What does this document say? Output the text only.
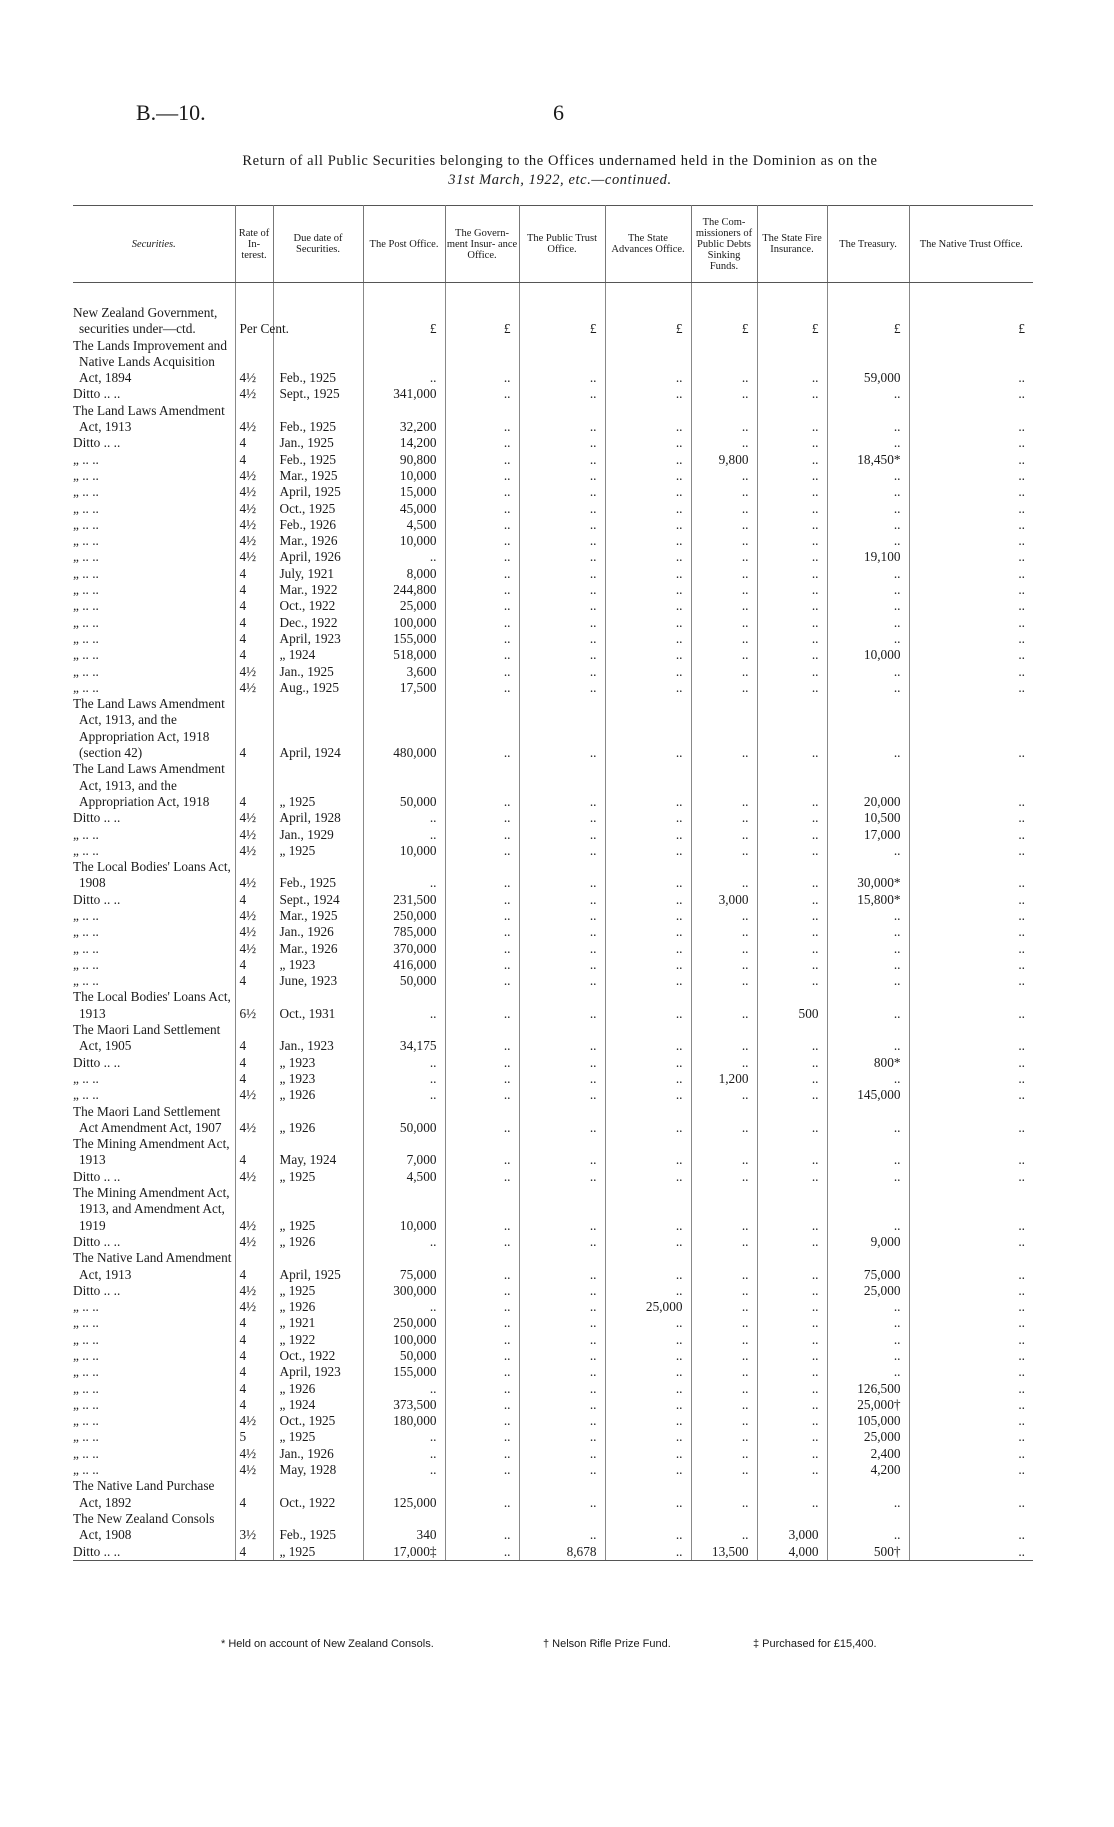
B.—10.	6
Return of all Public Securities belonging to the Offices undernamed held in the Dominion as on the
31st March, 1922, etc.—continued.
Securities.	Rate of In- terest.	Due date of Securities.	The Post Office.	The Govern- ment Insur- ance Office.	The Public Trust Office.	The State Advances Office.	The Com- missioners of Public Debts Sinking Funds.	The State Fire Insurance.	The Treasury.	The Native Trust Office.

New Zealand Government, securities under—ctd.	Per Cent.		£	£	£	£	£	£	£	£
The Lands Improvement and Native Lands Acquisition Act, 1894	4½	Feb., 1925	..	..	..	..	..	..	59,000	..
Ditto .. ..	4½	Sept., 1925	341,000	..	..	..	..	..	..	..
The Land Laws Amendment Act, 1913	4½	Feb., 1925	32,200	..	..	..	..	..	..	..
Ditto .. ..	4	Jan., 1925	14,200	..	..	..	..	..	..	..
„ .. ..	4	Feb., 1925	90,800	..	..	..	9,800	..	18,450*	..
„ .. ..	4½	Mar., 1925	10,000	..	..	..	..	..	..	..
„ .. ..	4½	April, 1925	15,000	..	..	..	..	..	..	..
„ .. ..	4½	Oct., 1925	45,000	..	..	..	..	..	..	..
„ .. ..	4½	Feb., 1926	4,500	..	..	..	..	..	..	..
„ .. ..	4½	Mar., 1926	10,000	..	..	..	..	..	..	..
„ .. ..	4½	April, 1926	..	..	..	..	..	..	19,100	..
„ .. ..	4	July, 1921	8,000	..	..	..	..	..	..	..
„ .. ..	4	Mar., 1922	244,800	..	..	..	..	..	..	..
„ .. ..	4	Oct., 1922	25,000	..	..	..	..	..	..	..
„ .. ..	4	Dec., 1922	100,000	..	..	..	..	..	..	..
„ .. ..	4	April, 1923	155,000	..	..	..	..	..	..	..
„ .. ..	4	„ 1924	518,000	..	..	..	..	..	10,000	..
„ .. ..	4½	Jan., 1925	3,600	..	..	..	..	..	..	..
„ .. ..	4½	Aug., 1925	17,500	..	..	..	..	..	..	..
The Land Laws Amendment Act, 1913, and the Appropriation Act, 1918 (section 42)	4	April, 1924	480,000	..	..	..	..	..	..	..
The Land Laws Amendment Act, 1913, and the Appropriation Act, 1918	4	„ 1925	50,000	..	..	..	..	..	20,000	..
Ditto .. ..	4½	April, 1928	..	..	..	..	..	..	10,500	..
„ .. ..	4½	Jan., 1929	..	..	..	..	..	..	17,000	..
„ .. ..	4½	„ 1925	10,000	..	..	..	..	..	..	..
The Local Bodies' Loans Act, 1908	4½	Feb., 1925	..	..	..	..	..	..	30,000*	..
Ditto .. ..	4	Sept., 1924	231,500	..	..	..	3,000	..	15,800*	..
„ .. ..	4½	Mar., 1925	250,000	..	..	..	..	..	..	..
„ .. ..	4½	Jan., 1926	785,000	..	..	..	..	..	..	..
„ .. ..	4½	Mar., 1926	370,000	..	..	..	..	..	..	..
„ .. ..	4	„ 1923	416,000	..	..	..	..	..	..	..
„ .. ..	4	June, 1923	50,000	..	..	..	..	..	..	..
The Local Bodies' Loans Act, 1913	6½	Oct., 1931	..	..	..	..	..	500	..	..
The Maori Land Settlement Act, 1905	4	Jan., 1923	34,175	..	..	..	..	..	..	..
Ditto .. ..	4	„ 1923	..	..	..	..	..	..	800*	..
„ .. ..	4	„ 1923	..	..	..	..	1,200	..	..	..
„ .. ..	4½	„ 1926	..	..	..	..	..	..	145,000	..
The Maori Land Settlement Act Amendment Act, 1907	4½	„ 1926	50,000	..	..	..	..	..	..	..
The Mining Amendment Act, 1913	4	May, 1924	7,000	..	..	..	..	..	..	..
Ditto .. ..	4½	„ 1925	4,500	..	..	..	..	..	..	..
The Mining Amendment Act, 1913, and Amendment Act, 1919	4½	„ 1925	10,000	..	..	..	..	..	..	..
Ditto .. ..	4½	„ 1926	..	..	..	..	..	..	9,000	..
The Native Land Amendment Act, 1913	4	April, 1925	75,000	..	..	..	..	..	75,000	..
Ditto .. ..	4½	„ 1925	300,000	..	..	..	..	..	25,000	..
„ .. ..	4½	„ 1926	..	..	..	25,000	..	..	..	..
„ .. ..	4	„ 1921	250,000	..	..	..	..	..	..	..
„ .. ..	4	„ 1922	100,000	..	..	..	..	..	..	..
„ .. ..	4	Oct., 1922	50,000	..	..	..	..	..	..	..
„ .. ..	4	April, 1923	155,000	..	..	..	..	..	..	..
„ .. ..	4	„ 1926	..	..	..	..	..	..	126,500	..
„ .. ..	4	„ 1924	373,500	..	..	..	..	..	25,000†	..
„ .. ..	4½	Oct., 1925	180,000	..	..	..	..	..	105,000	..
„ .. ..	5	„ 1925	..	..	..	..	..	..	25,000	..
„ .. ..	4½	Jan., 1926	..	..	..	..	..	..	2,400	..
„ .. ..	4½	May, 1928	..	..	..	..	..	..	4,200	..
The Native Land Purchase Act, 1892	4	Oct., 1922	125,000	..	..	..	..	..	..	..
The New Zealand Consols Act, 1908	3½	Feb., 1925	340	..	..	..	..	3,000	..	..
Ditto .. ..	4	„ 1925	17,000‡	..	8,678	..	13,500	4,000	500†	..
* Held on account of New Zealand Consols.	† Nelson Rifle Prize Fund.	‡ Purchased for £15,400.
